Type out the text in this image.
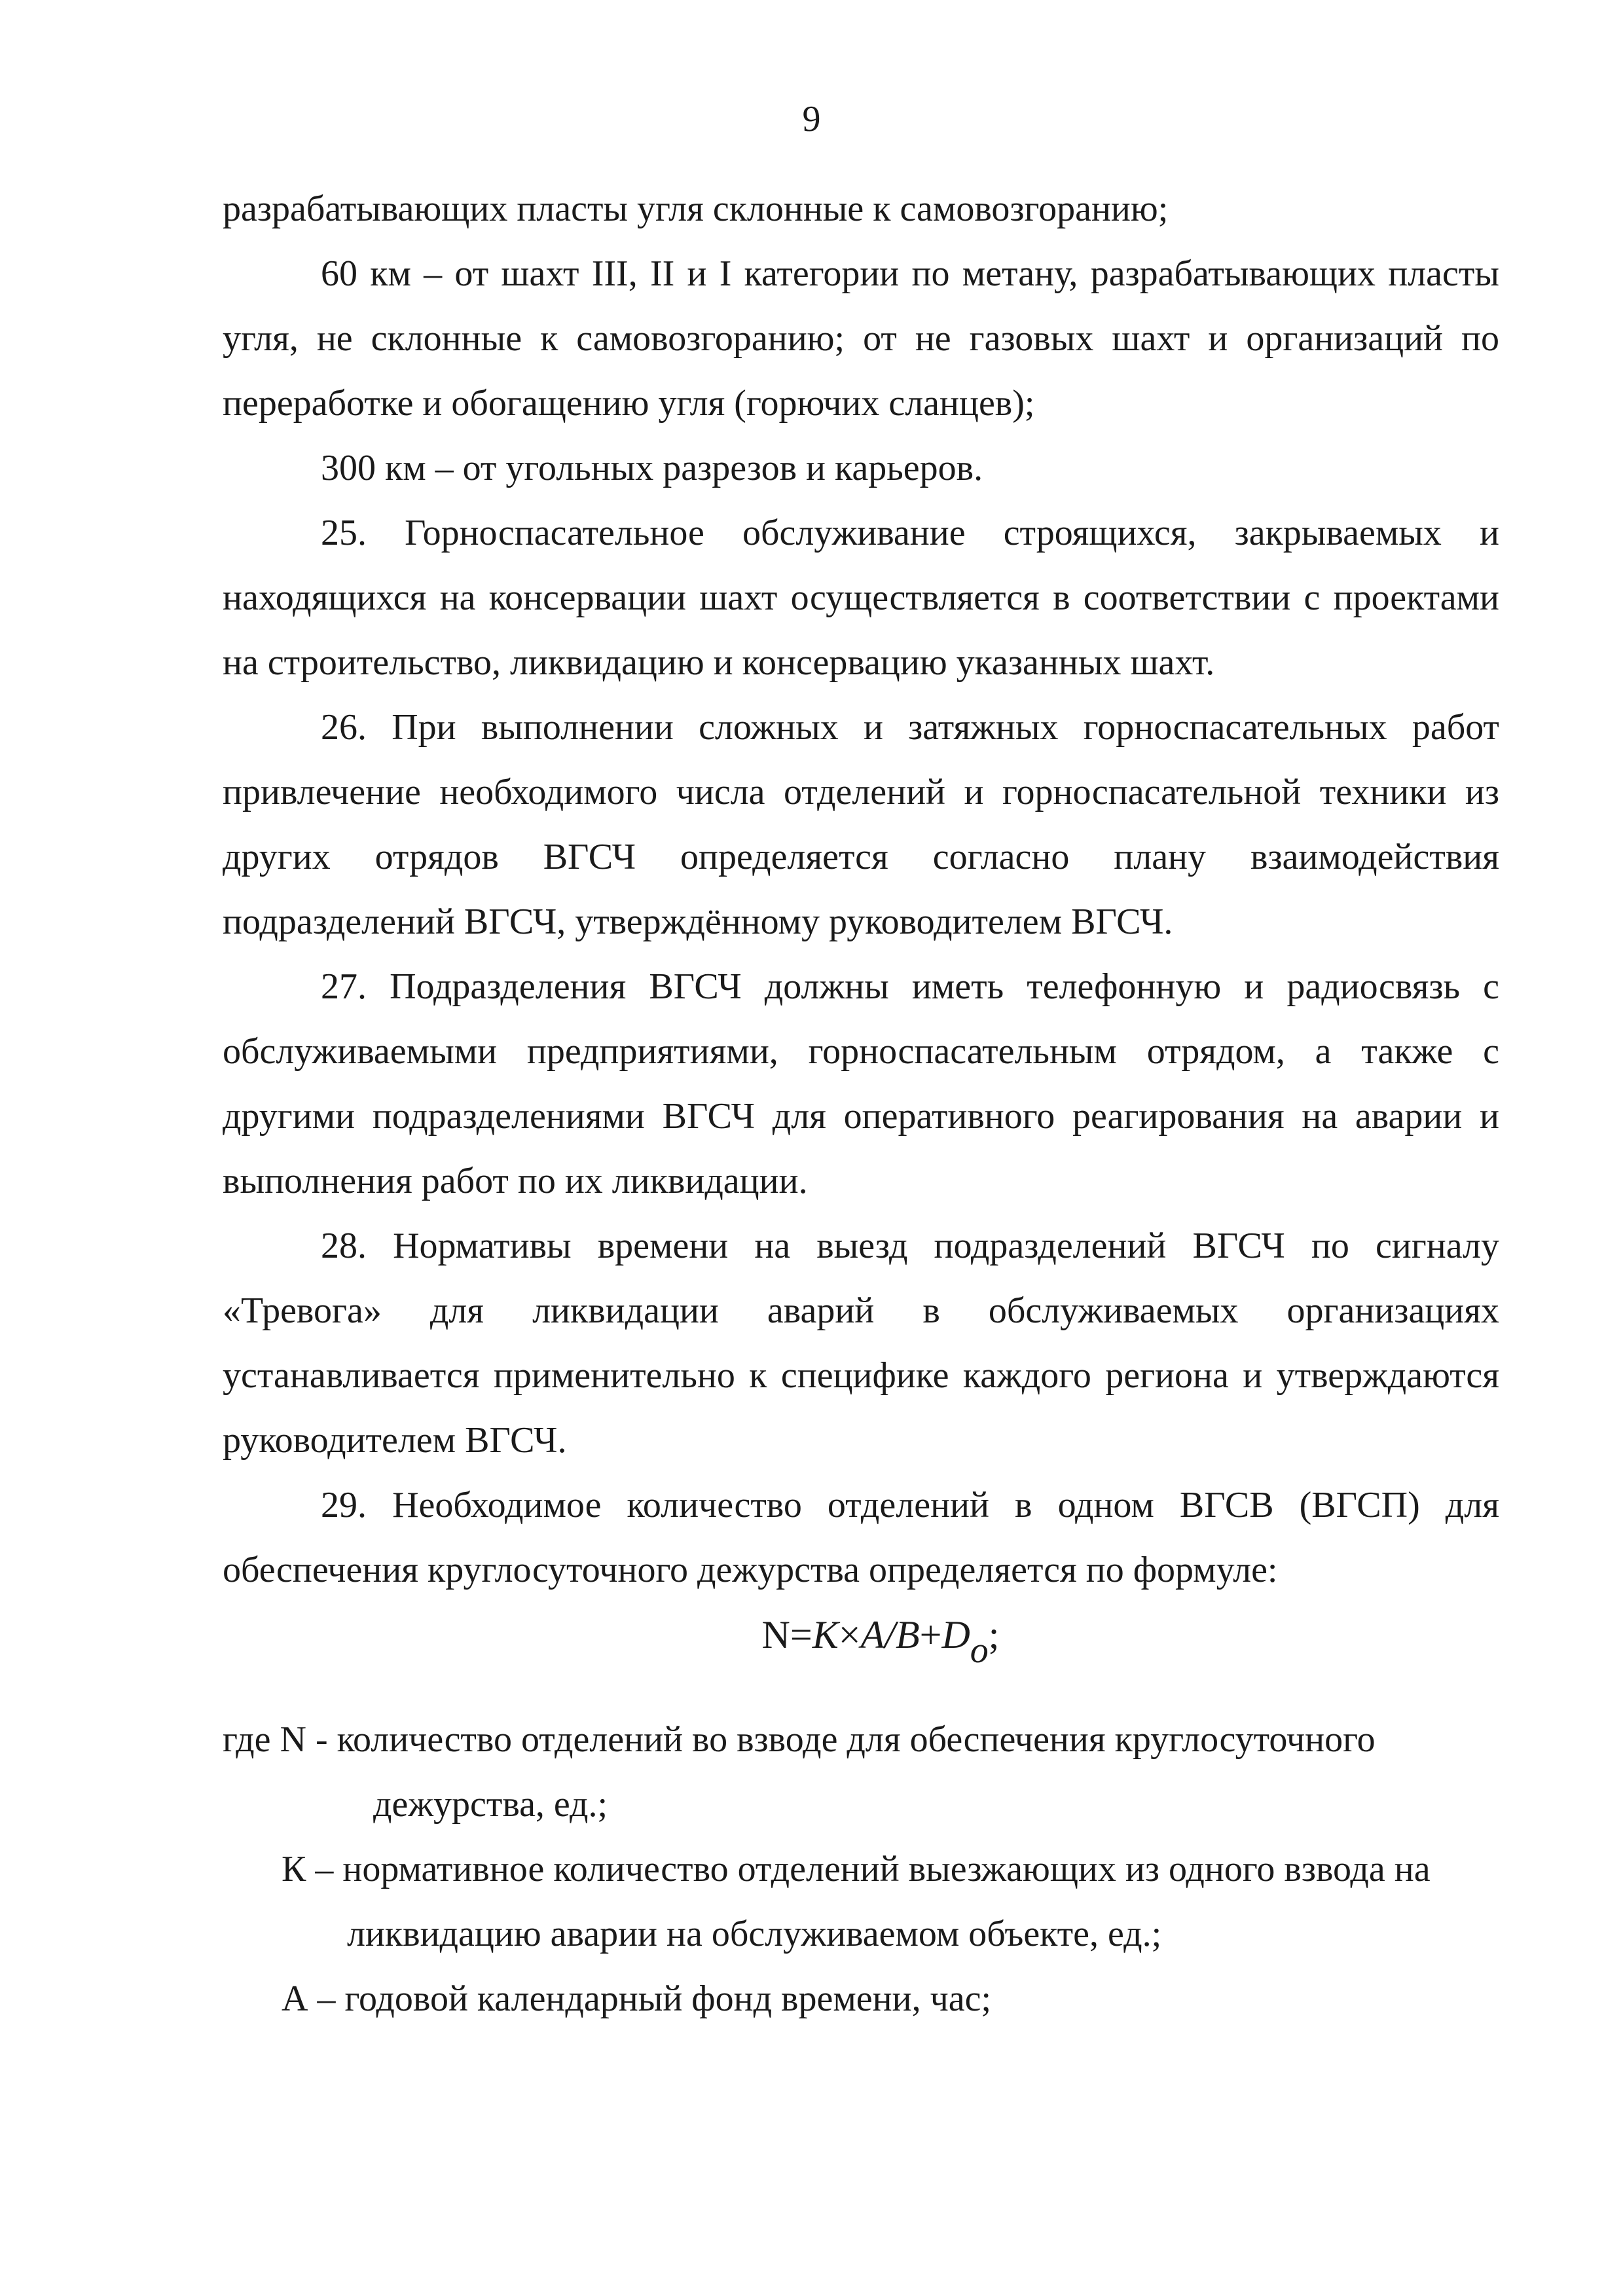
9

разрабатывающих пласты угля склонные к самовозгоранию;

60 км – от шахт III, II и I категории по метану, разрабатывающих пласты угля, не склонные к самовозгоранию; от не газовых шахт и организаций по переработке и обогащению угля (горючих сланцев);

300 км – от угольных разрезов и карьеров.

25. Горноспасательное обслуживание строящихся, закрываемых и находящихся на консервации шахт осуществляется в соответствии с проектами на строительство, ликвидацию и консервацию указанных шахт.

26. При выполнении сложных и затяжных горноспасательных работ привлечение необходимого числа отделений и горноспасательной техники из других отрядов ВГСЧ определяется согласно плану взаимодействия подразделений ВГСЧ, утверждённому руководителем ВГСЧ.

27. Подразделения ВГСЧ должны иметь телефонную и радиосвязь с обслуживаемыми предприятиями, горноспасательным отрядом, а также с другими подразделениями ВГСЧ для оперативного реагирования на аварии и выполнения работ по их ликвидации.

28. Нормативы времени на выезд подразделений ВГСЧ по сигналу «Тревога» для ликвидации аварий в обслуживаемых организациях устанавливается применительно к специфике каждого региона и утверждаются руководителем ВГСЧ.

29. Необходимое количество отделений в одном ВГСВ (ВГСП) для обеспечения круглосуточного дежурства определяется по формуле:

$N=K\times A/B+D_o$;

где N - количество отделений во взводе для обеспечения круглосуточного
дежурства, ед.;
К – нормативное количество отделений выезжающих из одного взвода на
ликвидацию аварии на обслуживаемом объекте, ед.;
А – годовой календарный фонд времени, час;
